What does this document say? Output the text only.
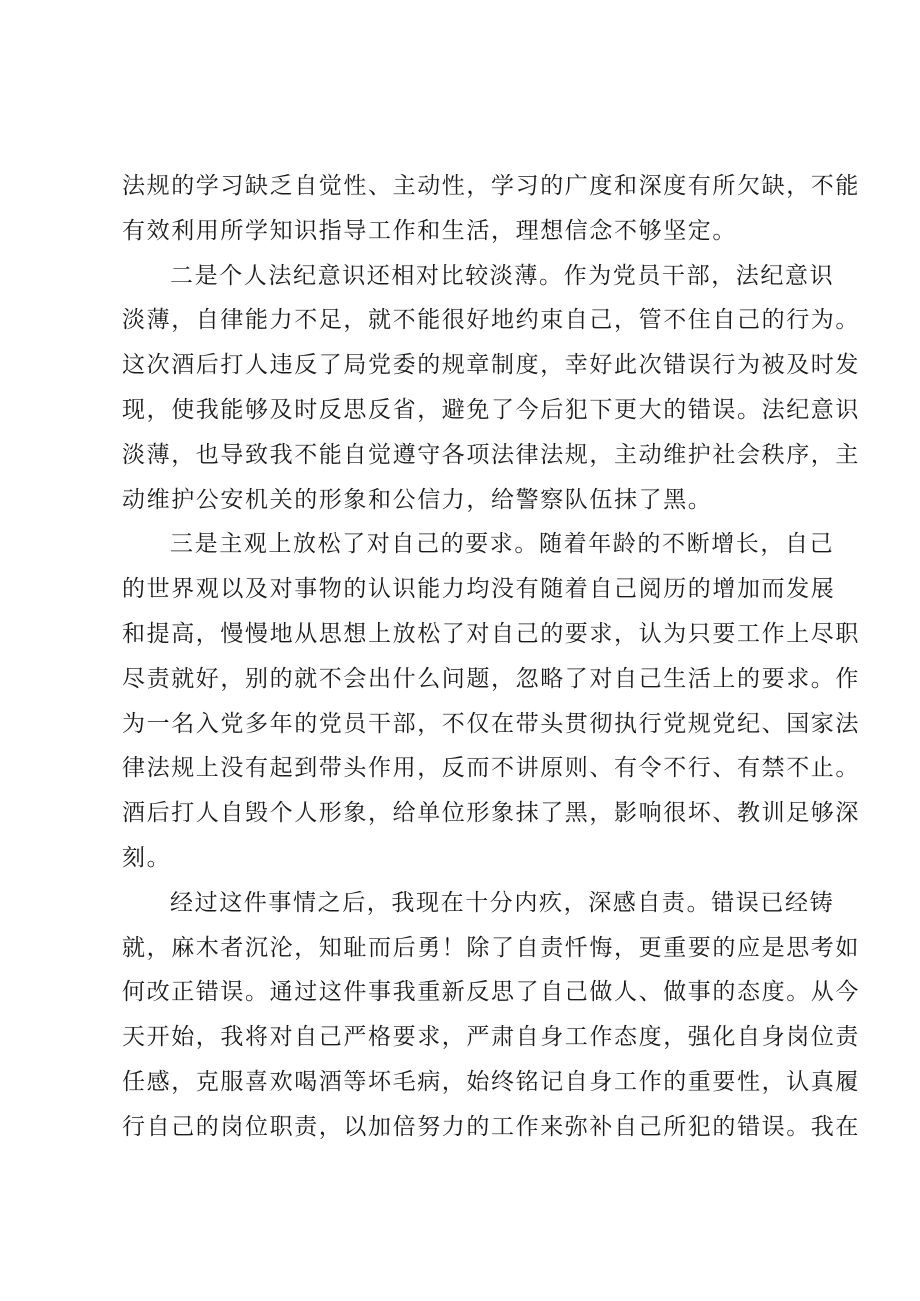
法规的学习缺乏自觉性、主动性，学习的广度和深度有所欠缺，不能
有效利用所学知识指导工作和生活，理想信念不够坚定。
二是个人法纪意识还相对比较淡薄。作为党员干部，法纪意识
淡薄，自律能力不足，就不能很好地约束自己，管不住自己的行为。
这次酒后打人违反了局党委的规章制度，幸好此次错误行为被及时发
现，使我能够及时反思反省，避免了今后犯下更大的错误。法纪意识
淡薄，也导致我不能自觉遵守各项法律法规，主动维护社会秩序，主
动维护公安机关的形象和公信力，给警察队伍抹了黑。
三是主观上放松了对自己的要求。随着年龄的不断增长，自己
的世界观以及对事物的认识能力均没有随着自己阅历的增加而发展
和提高，慢慢地从思想上放松了对自己的要求，认为只要工作上尽职
尽责就好，别的就不会出什么问题，忽略了对自己生活上的要求。作
为一名入党多年的党员干部，不仅在带头贯彻执行党规党纪、国家法
律法规上没有起到带头作用，反而不讲原则、有令不行、有禁不止。
酒后打人自毁个人形象，给单位形象抹了黑，影响很坏、教训足够深
刻。
经过这件事情之后，我现在十分内疚，深感自责。错误已经铸
就，麻木者沉沦，知耻而后勇！除了自责忏悔，更重要的应是思考如
何改正错误。通过这件事我重新反思了自己做人、做事的态度。从今
天开始，我将对自己严格要求，严肃自身工作态度，强化自身岗位责
任感，克服喜欢喝酒等坏毛病，始终铭记自身工作的重要性，认真履
行自己的岗位职责，以加倍努力的工作来弥补自己所犯的错误。我在
